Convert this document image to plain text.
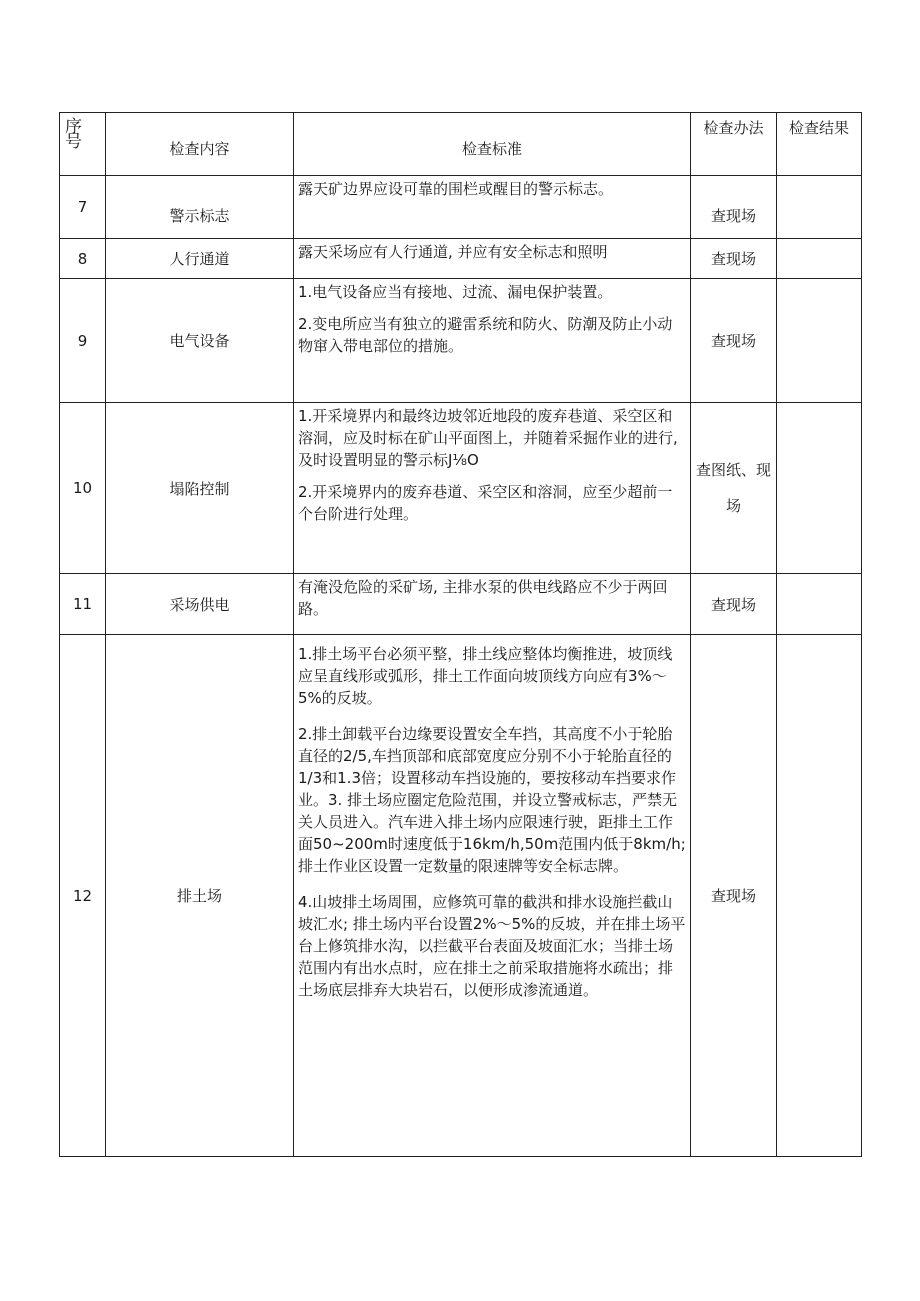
序号	检查内容	检查标准	检查办法	检查结果
7	警示标志	露天矿边界应设可靠的围栏或醒目的警示标志。	查现场	
8	人行通道	露天采场应有人行通道, 并应有安全标志和照明	查现场	
9	电气设备	1.电气设备应当有接地、过流、漏电保护装置。

2.变电所应当有独立的避雷系统和防火、防潮及防止小动物窜入带电部位的措施。	查现场	
10	塌陷控制	1.开采境界内和最终边坡邻近地段的废弃巷道、采空区和溶洞，应及时标在矿山平面图上，并随着采掘作业的进行, 及时设置明显的警示标J⅛O

2.开采境界内的废弃巷道、采空区和溶洞，应至少超前一个台阶进行处理。	查图纸、现场	
11	采场供电	有淹没危险的采矿场, 主排水泵的供电线路应不少于两回路。	查现场	
12	排土场	1.排土场平台必须平整，排土线应整体均衡推进，坡顶线应呈直线形或弧形，排土工作面向坡顶线方向应有3%～5%的反坡。

2.排土卸载平台边缘要设置安全车挡，其高度不小于轮胎直径的2/5,车挡顶部和底部宽度应分别不小于轮胎直径的1/3和1.3倍；设置移动车挡设施的，要按移动车挡要求作业。3. 排土场应圈定危险范围，并设立警戒标志，严禁无关人员进入。汽车进入排土场内应限速行驶，距排土工作面50~200m时速度低于16km/h,50m范围内低于8km/h;排土作业区设置一定数量的限速牌等安全标志牌。

4.山坡排土场周围，应修筑可靠的截洪和排水设施拦截山坡汇水; 排土场内平台设置2%～5%的反坡，并在排土场平台上修筑排水沟，以拦截平台表面及坡面汇水；当排土场范围内有出水点时，应在排土之前采取措施将水疏出；排土场底层排弃大块岩石，以便形成渗流通道。	查现场	
